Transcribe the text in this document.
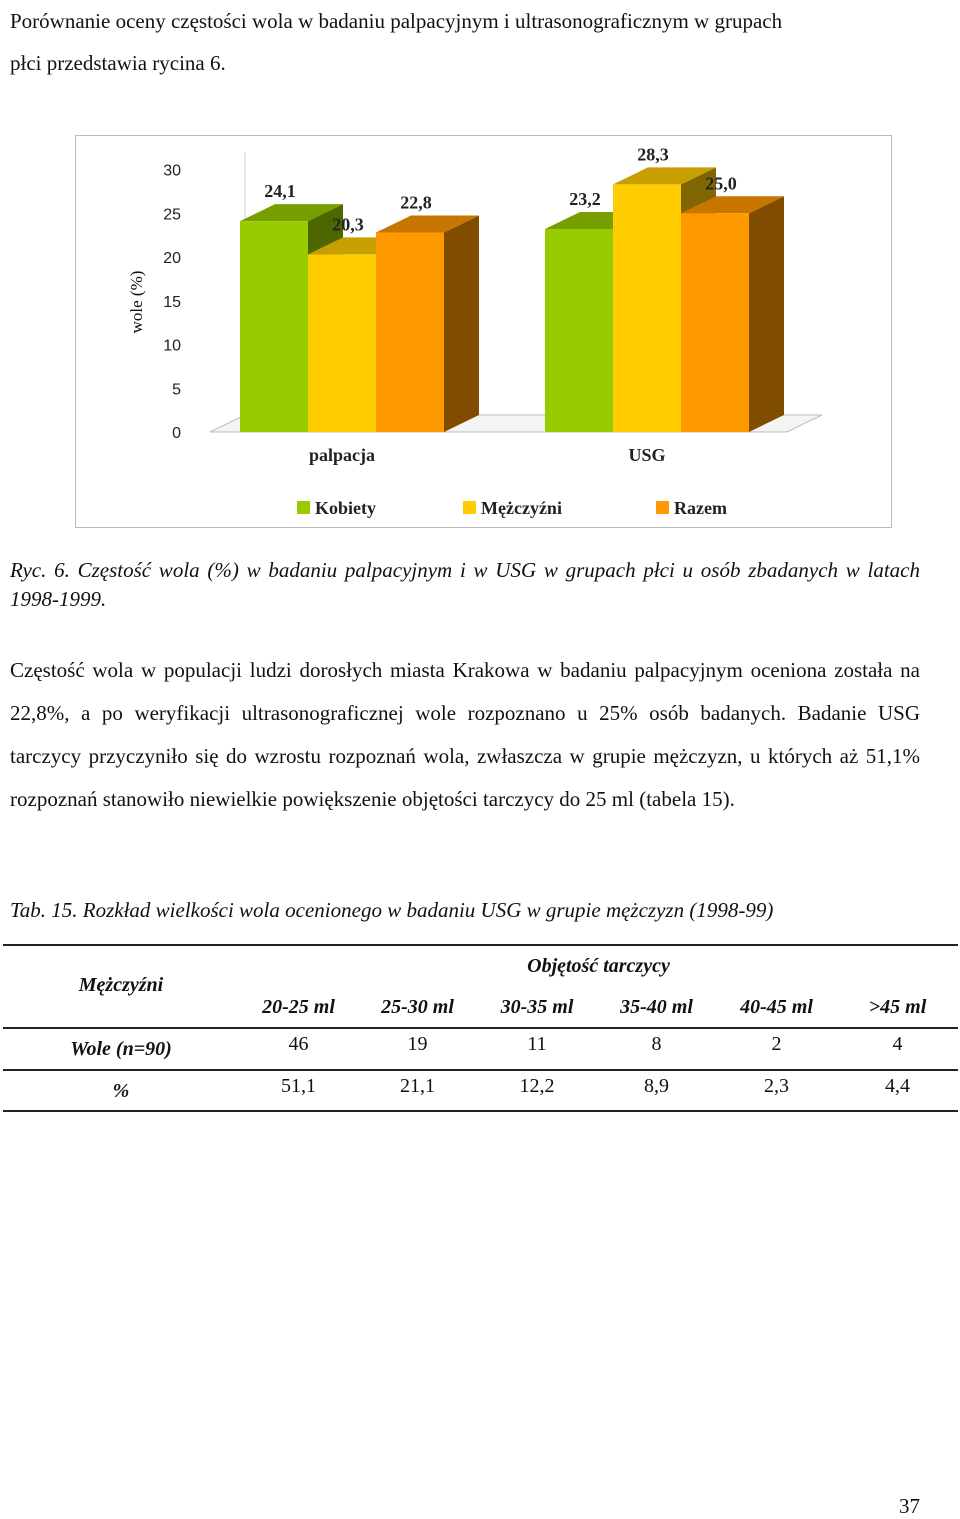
Porównanie oceny częstości wola w badaniu palpacyjnym i ultrasonograficznym w grupach
płci przedstawia rycina 6.
0
5
10
15
20
25
30
wole (%)
24,1
20,3
22,8
palpacja
23,2
28,3
25,0
USG
Kobiety	Mężczyźni	Razem
Ryc. 6. Częstość wola (%) w badaniu palpacyjnym i w USG w grupach płci u osób zbadanych w latach 1998-1999.
Częstość wola w populacji ludzi dorosłych miasta Krakowa w badaniu palpacyjnym oceniona została na 22,8%, a po weryfikacji ultrasonograficznej wole rozpoznano u 25% osób badanych. Badanie USG tarczycy przyczyniło się do wzrostu rozpoznań wola, zwłaszcza w grupie mężczyzn, u których aż 51,1% rozpoznań stanowiło niewielkie powiększenie objętości tarczycy do 25 ml (tabela 15).
Tab. 15. Rozkład wielkości wola ocenionego w badaniu USG w grupie mężczyzn (1998-99)
Mężczyźni
Objętość tarczycy
20-25 ml	25-30 ml	30-35 ml	35-40 ml	40-45 ml	>45 ml
Wole (n=90)	46	19	11	8	2	4
%	51,1	21,1	12,2	8,9	2,3	4,4
37
